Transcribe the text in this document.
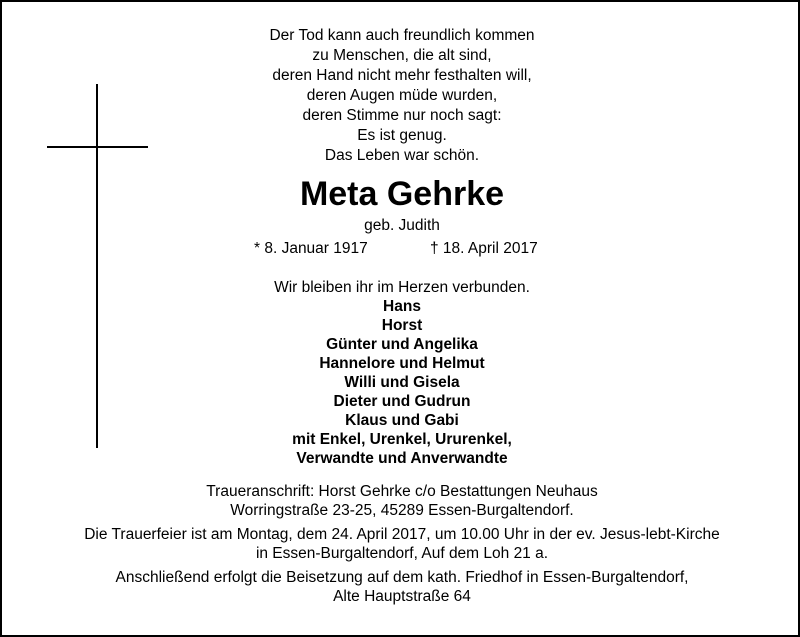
Der Tod kann auch freundlich kommen
zu Menschen, die alt sind,
deren Hand nicht mehr festhalten will,
deren Augen müde wurden,
deren Stimme nur noch sagt:
Es ist genug.
Das Leben war schön.
Meta Gehrke
geb. Judith
* 8. Januar 1917	† 18. April 2017
Wir bleiben ihr im Herzen verbunden.
Hans
Horst
Günter und Angelika
Hannelore und Helmut
Willi und Gisela
Dieter und Gudrun
Klaus und Gabi
mit Enkel, Urenkel, Ururenkel,
Verwandte und Anverwandte
Traueranschrift: Horst Gehrke c/o Bestattungen Neuhaus
Worringstraße 23-25, 45289 Essen-Burgaltendorf.
Die Trauerfeier ist am Montag, dem 24. April 2017, um 10.00 Uhr in der ev. Jesus-lebt-Kirche
in Essen-Burgaltendorf, Auf dem Loh 21 a.
Anschließend erfolgt die Beisetzung auf dem kath. Friedhof in Essen-Burgaltendorf,
Alte Hauptstraße 64
